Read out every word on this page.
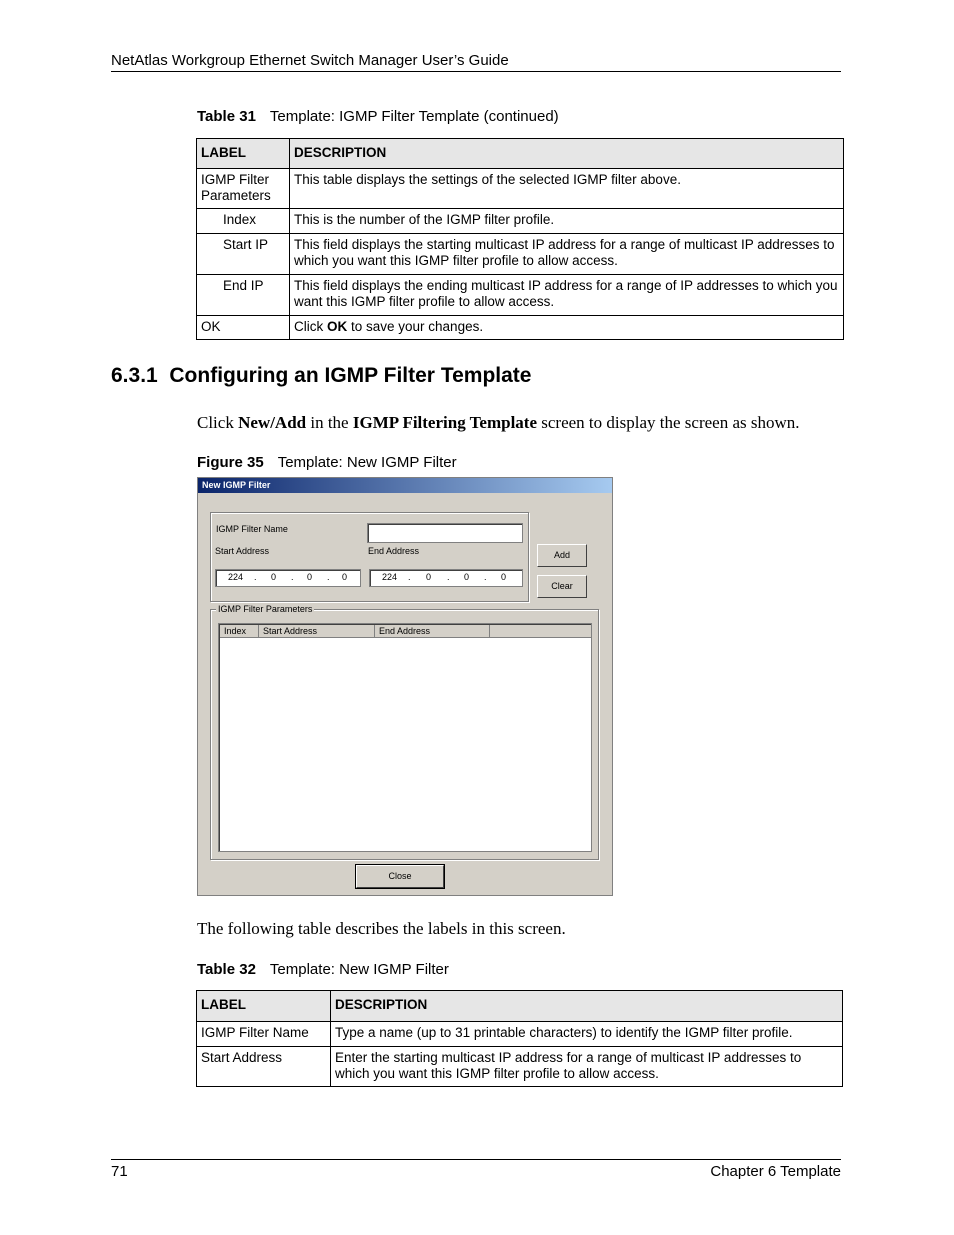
NetAtlas Workgroup Ethernet Switch Manager User’s Guide
Table 31 Template: IGMP Filter Template (continued)
LABEL	DESCRIPTION
IGMP Filter Parameters	This table displays the settings of the selected IGMP filter above.
Index	This is the number of the IGMP filter profile.
Start IP	This field displays the starting multicast IP address for a range of multicast IP addresses to which you want this IGMP filter profile to allow access.
End IP	This field displays the ending multicast IP address for a range of IP addresses to which you want this IGMP filter profile to allow access.
OK	Click OK to save your changes.
6.3.1  Configuring an IGMP Filter Template
Click New/Add in the IGMP Filtering Template screen to display the screen as shown.
Figure 35 Template: New IGMP Filter
New IGMP Filter
IGMP Filter Name
Start Address	End Address
224 . 0 . 0 . 0	224 . 0 . 0 . 0
Add
Clear
IGMP Filter Parameters
Index	Start Address	End Address
Close
The following table describes the labels in this screen.
Table 32 Template: New IGMP Filter
LABEL	DESCRIPTION
IGMP Filter Name	Type a name (up to 31 printable characters) to identify the IGMP filter profile.
Start Address	Enter the starting multicast IP address for a range of multicast IP addresses to which you want this IGMP filter profile to allow access.
71	Chapter 6 Template
